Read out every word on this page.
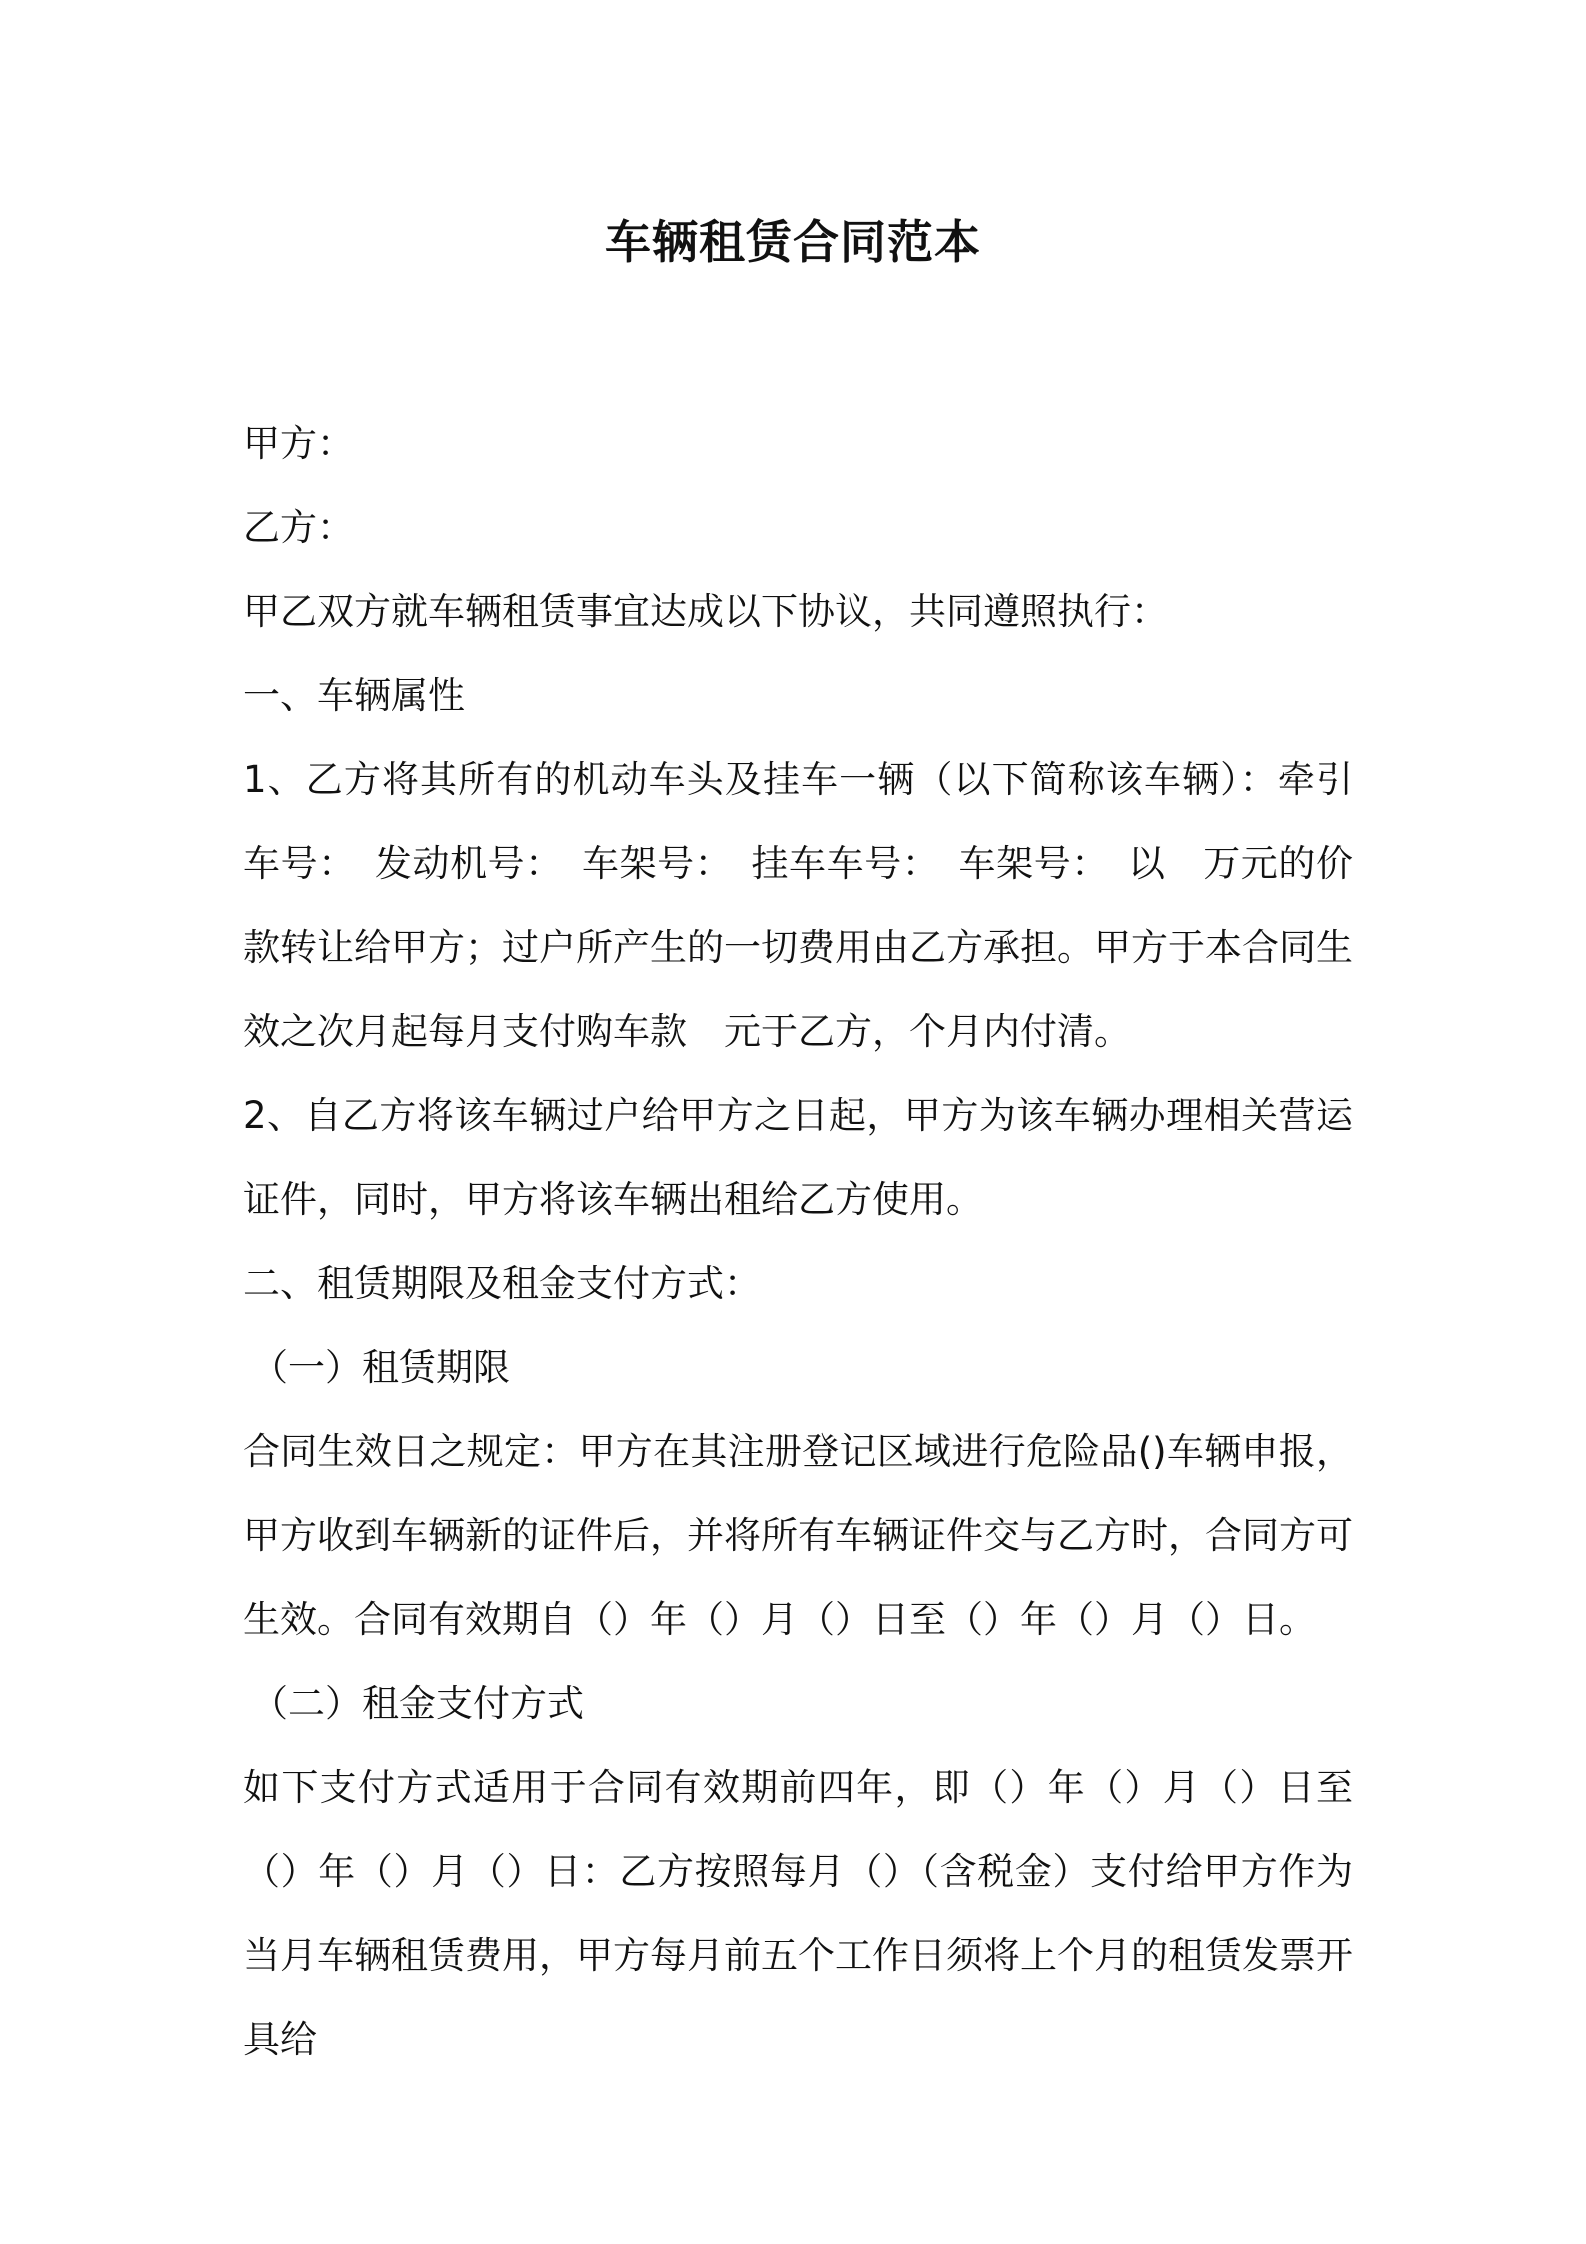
车辆租赁合同范本

甲方：

乙方：

甲乙双方就车辆租赁事宜达成以下协议，共同遵照执行：

一、车辆属性

1、乙方将其所有的机动车头及挂车一辆（以下简称该车辆）：牵引车号：　发动机号：　车架号：　挂车车号：　车架号：　以　万元的价款转让给甲方；过户所产生的一切费用由乙方承担。甲方于本合同生效之次月起每月支付购车款　元于乙方，个月内付清。

2、自乙方将该车辆过户给甲方之日起，甲方为该车辆办理相关营运证件，同时，甲方将该车辆出租给乙方使用。

二、租赁期限及租金支付方式：

（一）租赁期限

合同生效日之规定：甲方在其注册登记区域进行危险品()车辆申报，甲方收到车辆新的证件后，并将所有车辆证件交与乙方时，合同方可生效。合同有效期自（）年（）月（）日至（）年（）月（）日。

（二）租金支付方式

如下支付方式适用于合同有效期前四年，即（）年（）月（）日至（）年（）月（）日：乙方按照每月（）（含税金）支付给甲方作为当月车辆租赁费用，甲方每月前五个工作日须将上个月的租赁发票开具给
